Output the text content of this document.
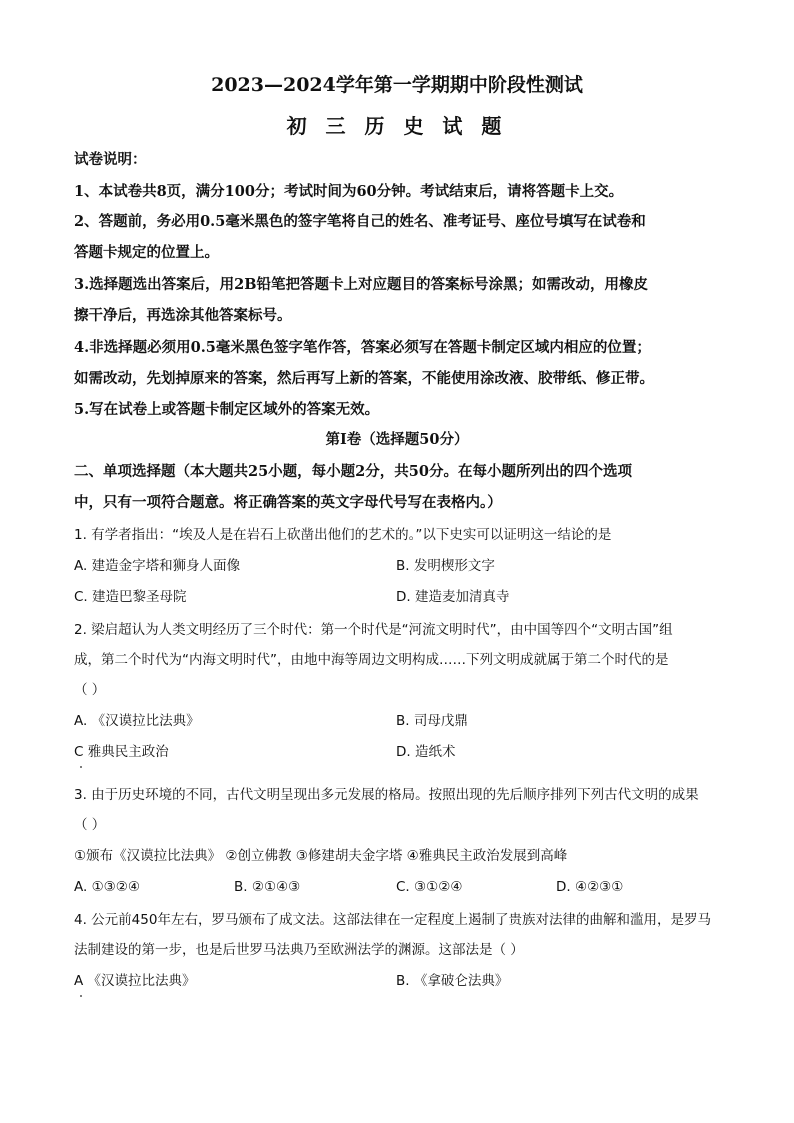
2023—2024学年第一学期期中阶段性测试
初 三 历 史 试 题
试卷说明：
1、本试卷共8页，满分100分；考试时间为60分钟。考试结束后，请将答题卡上交。
2、答题前，务必用0.5毫米黑色的签字笔将自己的姓名、准考证号、座位号填写在试卷和
答题卡规定的位置上。
3.选择题选出答案后，用2B铅笔把答题卡上对应题目的答案标号涂黑；如需改动，用橡皮
擦干净后，再选涂其他答案标号。
4.非选择题必须用0.5毫米黑色签字笔作答，答案必须写在答题卡制定区域内相应的位置；
如需改动，先划掉原来的答案，然后再写上新的答案，不能使用涂改液、胶带纸、修正带。
5.写在试卷上或答题卡制定区域外的答案无效。
第I卷（选择题50分）
二、单项选择题（本大题共25小题，每小题2分，共50分。在每小题所列出的四个选项
中，只有一项符合题意。将正确答案的英文字母代号写在表格内。）
1. 有学者指出：“埃及人是在岩石上砍凿出他们的艺术的。”以下史实可以证明这一结论的是
A. 建造金字塔和狮身人面像	B. 发明楔形文字
C. 建造巴黎圣母院	D. 建造麦加清真寺
2. 梁启超认为人类文明经历了三个时代：第一个时代是“河流文明时代”，由中国等四个“文明古国”组
成，第二个时代为“内海文明时代”，由地中海等周边文明构成……下列文明成就属于第二个时代的是
（ ）
A. 《汉谟拉比法典》	B. 司母戊鼎
C 雅典民主政治	D. 造纸术
3. 由于历史环境的不同，古代文明呈现出多元发展的格局。按照出现的先后顺序排列下列古代文明的成果
（ ）
①颁布《汉谟拉比法典》 ②创立佛教 ③修建胡夫金字塔 ④雅典民主政治发展到高峰
A. ①③②④	B. ②①④③	C. ③①②④	D. ④②③①
4. 公元前450年左右，罗马颁布了成文法。这部法律在一定程度上遏制了贵族对法律的曲解和滥用，是罗马
法制建设的第一步，也是后世罗马法典乃至欧洲法学的渊源。这部法是（ ）
A 《汉谟拉比法典》	B. 《拿破仑法典》
